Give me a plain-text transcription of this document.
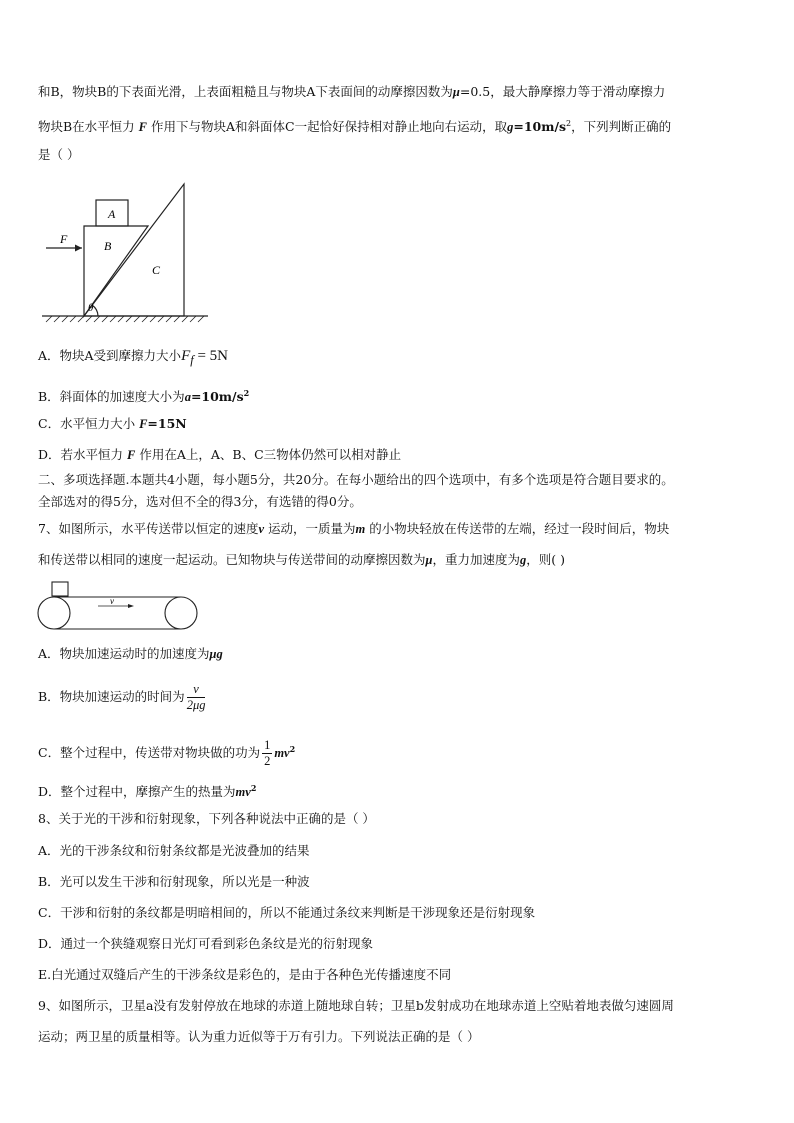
和B，物块B的下表面光滑，上表面粗糙且与物块A下表面间的动摩擦因数为μ=0.5，最大静摩擦力等于滑动摩擦力
物块B在水平恒力 F 作用下与物块A和斜面体C一起恰好保持相对静止地向右运动，取$g=10m/s^2$，下列判断正确的
是（ ）
A
B
C
F
θ
A．物块A受到摩擦力大小$F_f = 5N$
B．斜面体的加速度大小为$a=10m/s^2$
C．水平恒力大小 F=15N
D．若水平恒力 F 作用在A上，A、B、C三物体仍然可以相对静止
二、多项选择题.本题共4小题，每小题5分，共20分。在每小题给出的四个选项中，有多个选项是符合题目要求的。
全部选对的得5分，选对但不全的得3分，有选错的得0分。
7、如图所示，水平传送带以恒定的速度v 运动，一质量为m 的小物块轻放在传送带的左端，经过一段时间后，物块
和传送带以相同的速度一起运动。已知物块与传送带间的动摩擦因数为μ，重力加速度为g，则( )
v
A．物块加速运动时的加速度为μg
B．物块加速运动的时间为 $\frac{v}{2\mu g}$
C．整个过程中，传送带对物块做的功为 $\frac{1}{2} mv^2$
D．整个过程中，摩擦产生的热量为$mv^2$
8、关于光的干涉和衍射现象，下列各种说法中正确的是（ ）
A．光的干涉条纹和衍射条纹都是光波叠加的结果
B．光可以发生干涉和衍射现象，所以光是一种波
C．干涉和衍射的条纹都是明暗相间的，所以不能通过条纹来判断是干涉现象还是衍射现象
D．通过一个狭缝观察日光灯可看到彩色条纹是光的衍射现象
E.白光通过双缝后产生的干涉条纹是彩色的，是由于各种色光传播速度不同
9、如图所示，卫星a没有发射停放在地球的赤道上随地球自转；卫星b发射成功在地球赤道上空贴着地表做匀速圆周
运动；两卫星的质量相等。认为重力近似等于万有引力。下列说法正确的是（ ）
